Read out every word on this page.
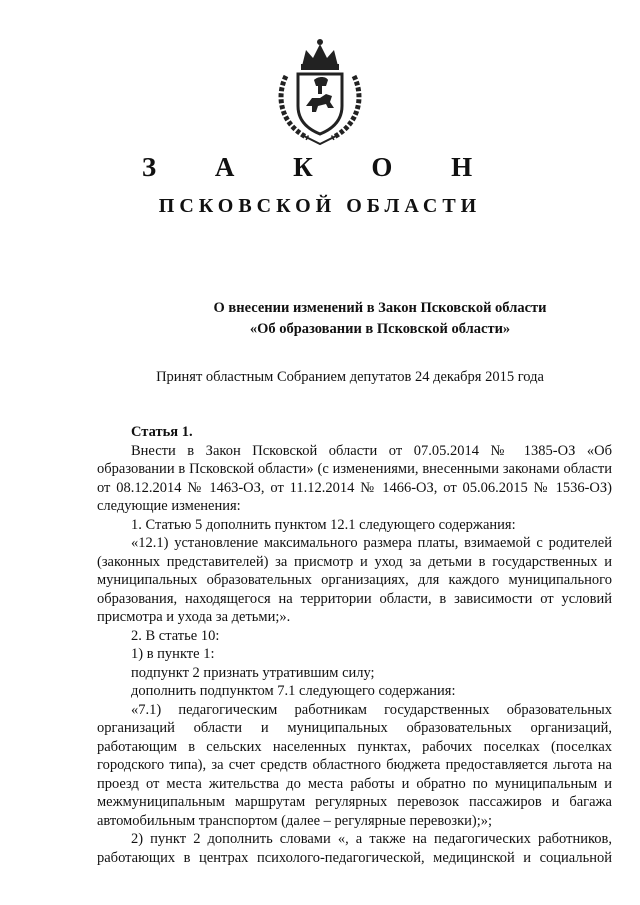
З А К О Н
ПСКОВСКОЙ ОБЛАСТИ
О внесении изменений в Закон Псковской области
«Об образовании в Псковской области»
Принят областным Собранием депутатов 24 декабря 2015 года

Статья 1.

Внести в Закон Псковской области от 07.05.2014 № 1385-ОЗ «Об образовании в Псковской области» (с изменениями, внесенными законами области от 08.12.2014 № 1463-ОЗ, от 11.12.2014 № 1466-ОЗ, от 05.06.2015 № 1536-ОЗ) следующие изменения:

1. Статью 5 дополнить пунктом 12.1 следующего содержания:

«12.1) установление максимального размера платы, взимаемой с родителей (законных представителей) за присмотр и уход за детьми в государственных и муниципальных образовательных организациях, для каждого муниципального образования, находящегося на территории области, в зависимости от условий присмотра и ухода за детьми;».

2. В статье 10:

1) в пункте 1:

подпункт 2 признать утратившим силу;

дополнить подпунктом 7.1 следующего содержания:

«7.1) педагогическим работникам государственных образовательных организаций области и муниципальных образовательных организаций, работающим в сельских населенных пунктах, рабочих поселках (поселках городского типа), за счет средств областного бюджета предоставляется льгота на проезд от места жительства до места работы и обратно по муниципальным и межмуниципальным маршрутам регулярных перевозок пассажиров и багажа автомобильным транспортом (далее – регулярные перевозки);»;

2) пункт 2 дополнить словами «, а также на педагогических работников, работающих в центрах психолого-педагогической, медицинской и социальной
